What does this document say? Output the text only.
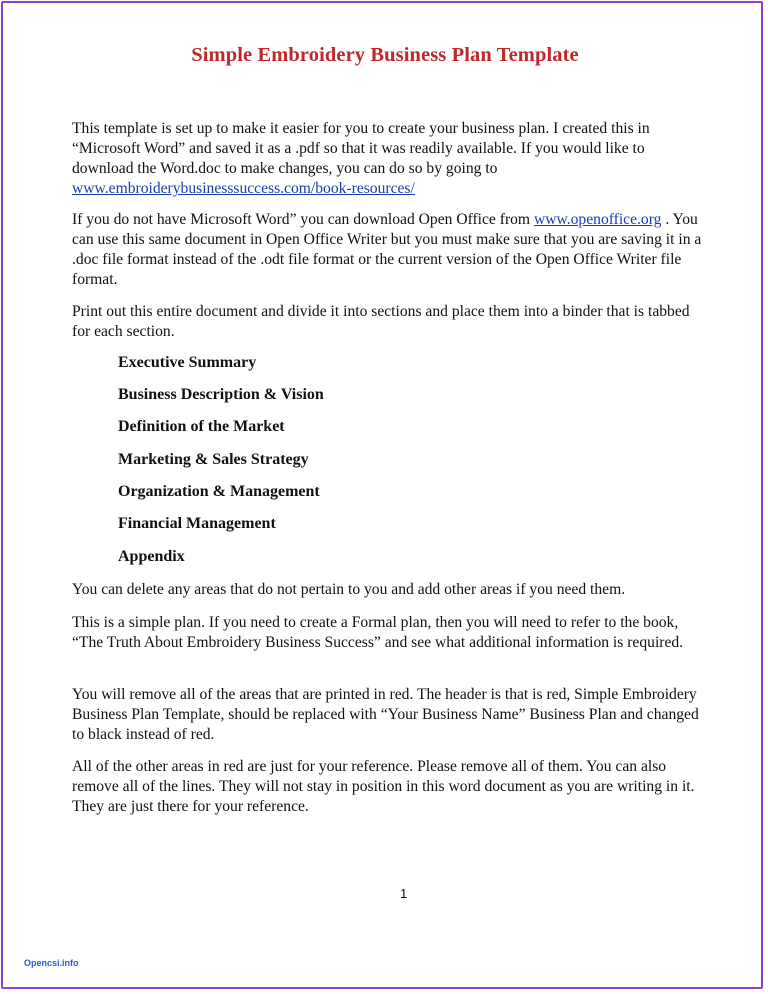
Simple Embroidery Business Plan Template

This template is set up to make it easier for you to create your business plan. I created this in “Microsoft Word” and saved it as a .pdf so that it was readily available. If you would like to download the Word.doc to make changes, you can do so by going to www.embroiderybusinesssuccess.com/book-resources/

If you do not have Microsoft Word” you can download Open Office from www.openoffice.org . You can use this same document in Open Office Writer but you must make sure that you are saving it in a .doc file format instead of the .odt file format or the current version of the Open Office Writer file format.

Print out this entire document and divide it into sections and place them into a binder that is tabbed for each section.

Executive Summary
Business Description & Vision
Definition of the Market
Marketing & Sales Strategy
Organization & Management
Financial Management
Appendix

You can delete any areas that do not pertain to you and add other areas if you need them.

This is a simple plan. If you need to create a Formal plan, then you will need to refer to the book, “The Truth About Embroidery Business Success” and see what additional information is required.

You will remove all of the areas that are printed in red. The header is that is red, Simple Embroidery Business Plan Template, should be replaced with “Your Business Name” Business Plan and changed to black instead of red.

All of the other areas in red are just for your reference. Please remove all of them. You can also remove all of the lines. They will not stay in position in this word document as you are writing in it. They are just there for your reference.

1
Opencsi.info
